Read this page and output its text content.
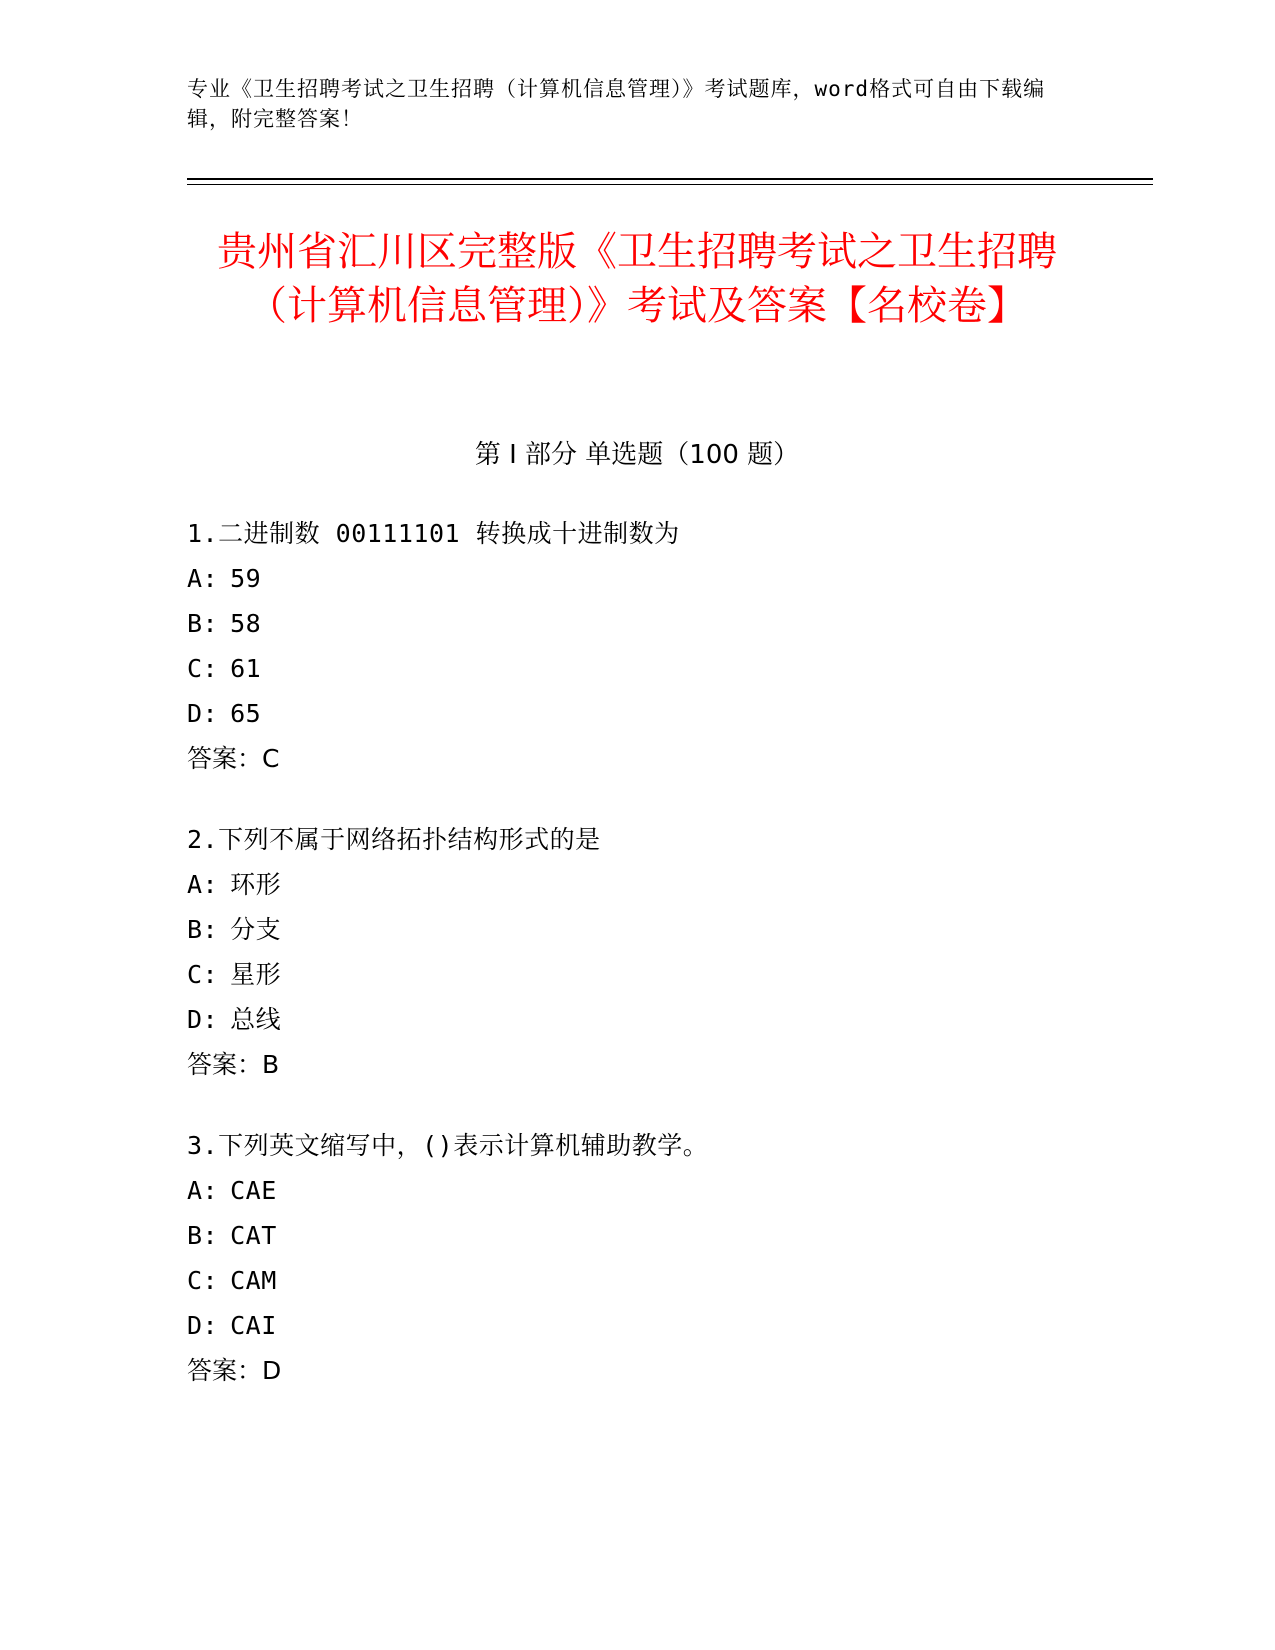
专业《卫生招聘考试之卫生招聘（计算机信息管理）》考试题库，word格式可自由下载编辑，附完整答案！
贵州省汇川区完整版《卫生招聘考试之卫生招聘（计算机信息管理）》考试及答案【名校卷】
第 I 部分 单选题（100 题）
1.二进制数 00111101 转换成十进制数为
A: 59
B: 58
C: 61
D: 65
答案：C
2.下列不属于网络拓扑结构形式的是
A: 环形
B: 分支
C: 星形
D: 总线
答案：B
3.下列英文缩写中，()表示计算机辅助教学。
A: CAE
B: CAT
C: CAM
D: CAI
答案：D
